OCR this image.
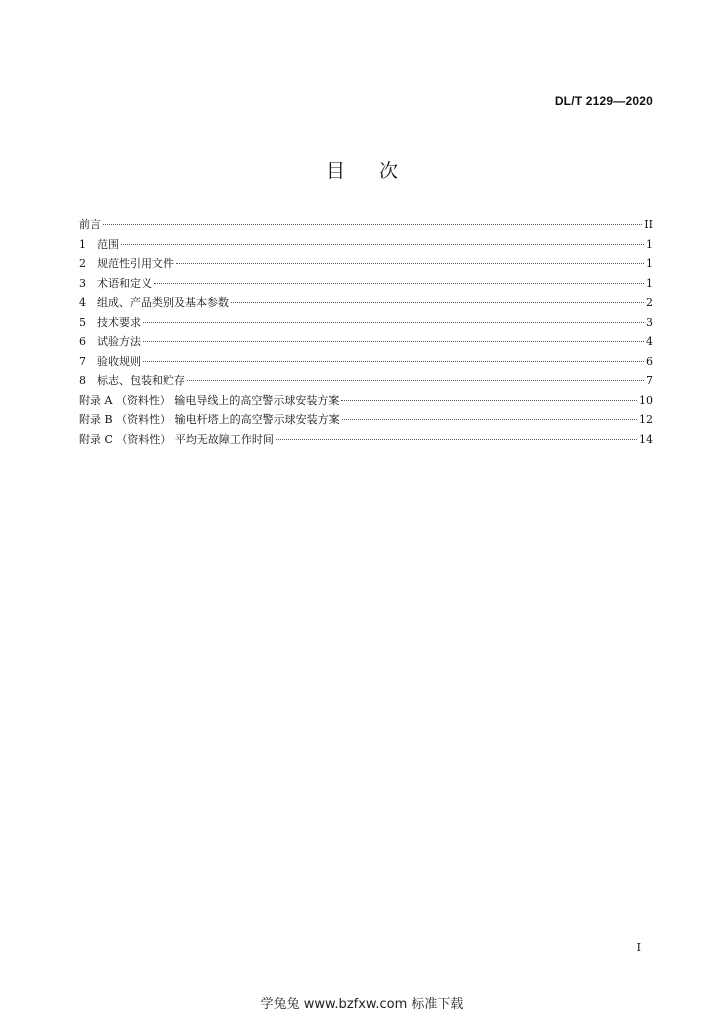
DL/T 2129—2020
目次
前言	II
1	范围	1
2	规范性引用文件	1
3	术语和定义	1
4	组成、产品类别及基本参数	2
5	技术要求	3
6	试验方法	4
7	验收规则	6
8	标志、包装和贮存	7
附录 A （资料性） 输电导线上的高空警示球安装方案	10
附录 B （资料性） 输电杆塔上的高空警示球安装方案	12
附录 C （资料性） 平均无故障工作时间	14
I
学兔兔 www.bzfxw.com 标准下载
